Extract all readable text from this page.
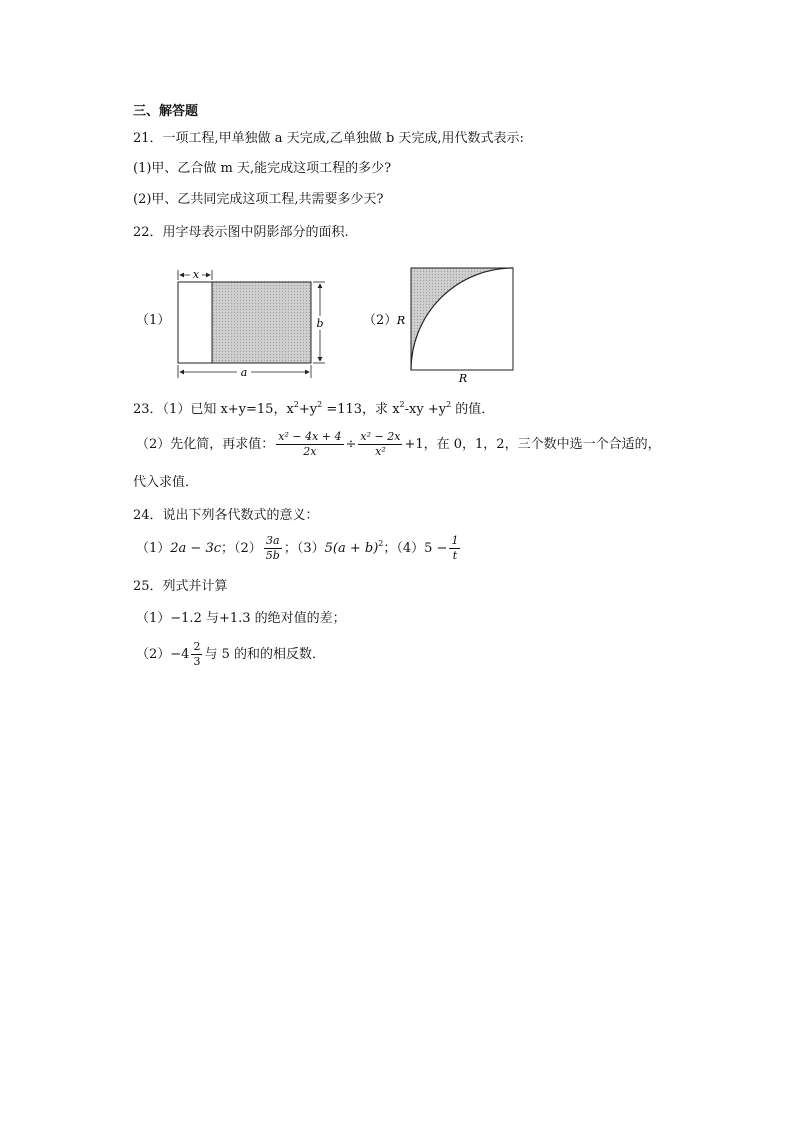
三、解答题
21．一项工程,甲单独做 a 天完成,乙单独做 b 天完成,用代数式表示:
(1)甲、乙合做 m 天,能完成这项工程的多少?
(2)甲、乙共同完成这项工程,共需要多少天?
22．用字母表示图中阴影部分的面积.
（1）
x
b
a
（2） R
R
23．（1）已知 x+y=15，$x^2+y^2 =113$，求 $x^2-xy +y^2$ 的值．
（2）先化简，再求值： $\frac{\text{x² − 4x + 4}}{2x} \div \frac{\text{x² − 2x}}{\text{x²}} +1$，在 0，1，2，三个数中选一个合适的，
代入求值．
24．说出下列各代数式的意义：
（1）2a − 3c；$(2) \frac{3a}{5b}$ ；$(3)5(a + b)^2$；$(4)5 - \frac{1}{t}$
25．列式并计算
（1）−1.2 与+1.3 的绝对值的差；
$(2)-4 \frac{2}{3}$ 与 5 的和的相反数．
